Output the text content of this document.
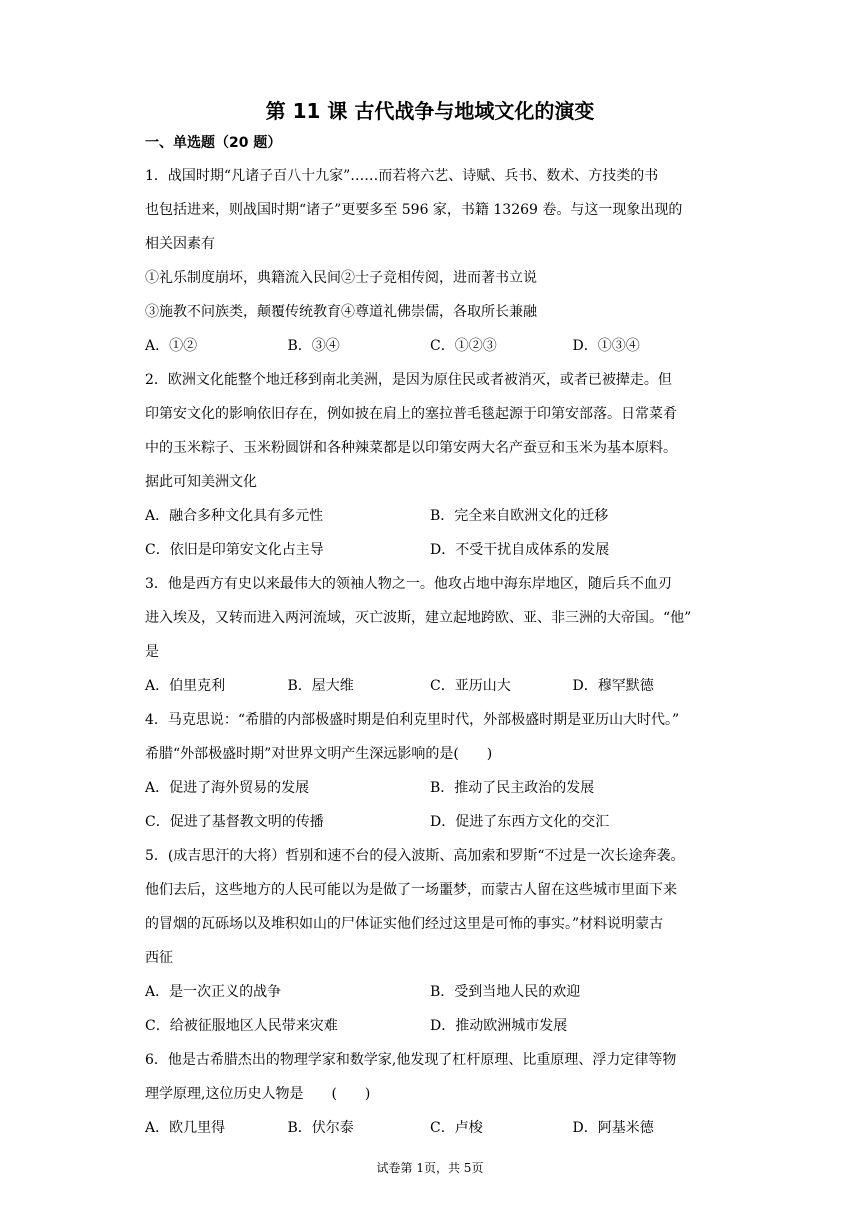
第 11 课 古代战争与地域文化的演变
一、单选题（20 题）
1．战国时期“凡诸子百八十九家”……而若将六艺、诗赋、兵书、数术、方技类的书
也包括进来，则战国时期“诸子”更要多至 596 家，书籍 13269 卷。与这一现象出现的
相关因素有
①礼乐制度崩坏，典籍流入民间②士子竞相传阅，进而著书立说
③施教不问族类，颠覆传统教育④尊道礼佛崇儒，各取所长兼融
A．①②	B．③④	C．①②③	D．①③④
2．欧洲文化能整个地迁移到南北美洲，是因为原住民或者被消灭，或者已被撵走。但
印第安文化的影响依旧存在，例如披在肩上的塞拉普毛毯起源于印第安部落。日常菜肴
中的玉米粽子、玉米粉圆饼和各种辣菜都是以印第安两大名产蚕豆和玉米为基本原料。
据此可知美洲文化
A．融合多种文化具有多元性	B．完全来自欧洲文化的迁移
C．依旧是印第安文化占主导	D．不受干扰自成体系的发展
3．他是西方有史以来最伟大的领袖人物之一。他攻占地中海东岸地区，随后兵不血刃
进入埃及，又转而进入两河流域，灭亡波斯，建立起地跨欧、亚、非三洲的大帝国。“他”
是
A．伯里克利	B．屋大维	C．亚历山大	D．穆罕默德
4．马克思说：“希腊的内部极盛时期是伯利克里时代，外部极盛时期是亚历山大时代。”
希腊“外部极盛时期”对世界文明产生深远影响的是(　　)
A．促进了海外贸易的发展	B．推动了民主政治的发展
C．促进了基督教文明的传播	D．促进了东西方文化的交汇
5．(成吉思汗的大将）哲别和速不台的侵入波斯、高加索和罗斯“不过是一次长途奔袭。
他们去后，这些地方的人民可能以为是做了一场噩梦，而蒙古人留在这些城市里面下来
的冒烟的瓦砾场以及堆积如山的尸体证实他们经过这里是可怖的事实。”材料说明蒙古
西征
A．是一次正义的战争	B．受到当地人民的欢迎
C．给被征服地区人民带来灾难	D．推动欧洲城市发展
6．他是古希腊杰出的物理学家和数学家,他发现了杠杆原理、比重原理、浮力定律等物
理学原理,这位历史人物是　　(　　)
A．欧几里得	B．伏尔泰	C．卢梭	D．阿基米德
试卷第 1页，共 5页
